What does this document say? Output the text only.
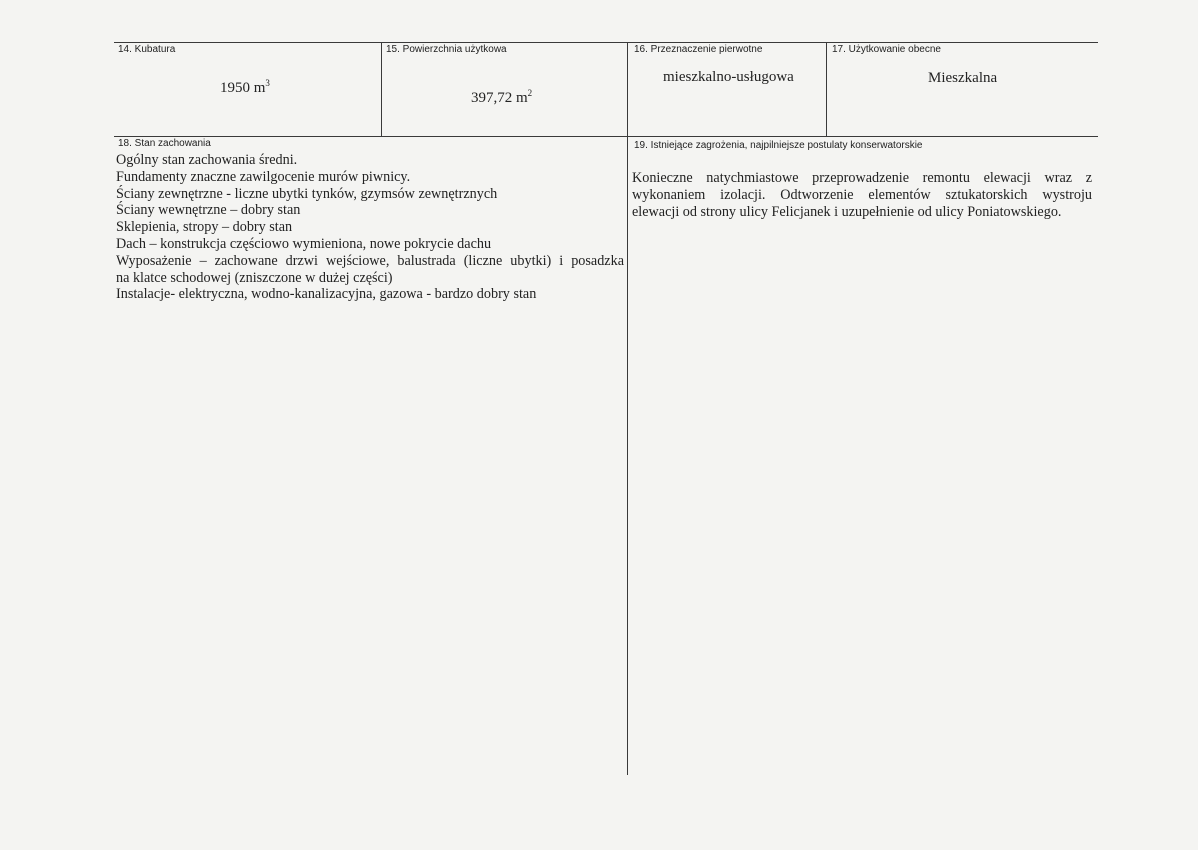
14. Kubatura
1950 $m^3$
15. Powierzchnia użytkowa
397,72 $m^2$
16. Przeznaczenie pierwotne
mieszkalno-usługowa
17. Użytkowanie obecne
Mieszkalna
18. Stan zachowania
Ogólny stan zachowania średni.
Fundamenty znaczne zawilgocenie murów piwnicy.
Ściany zewnętrzne - liczne ubytki tynków, gzymsów zewnętrznych
Ściany wewnętrzne – dobry stan
Sklepienia, stropy – dobry stan
Dach – konstrukcja częściowo wymieniona, nowe pokrycie dachu
Wyposażenie – zachowane drzwi wejściowe, balustrada (liczne ubytki) i posadzka
na klatce schodowej (zniszczone w dużej części)
Instalacje- elektryczna, wodno-kanalizacyjna, gazowa - bardzo dobry stan
19. Istniejące zagrożenia, najpilniejsze postulaty konserwatorskie
Konieczne natychmiastowe przeprowadzenie remontu elewacji wraz z
wykonaniem izolacji. Odtworzenie elementów sztukatorskich wystroju
elewacji od strony ulicy Felicjanek i uzupełnienie od ulicy Poniatowskiego.
